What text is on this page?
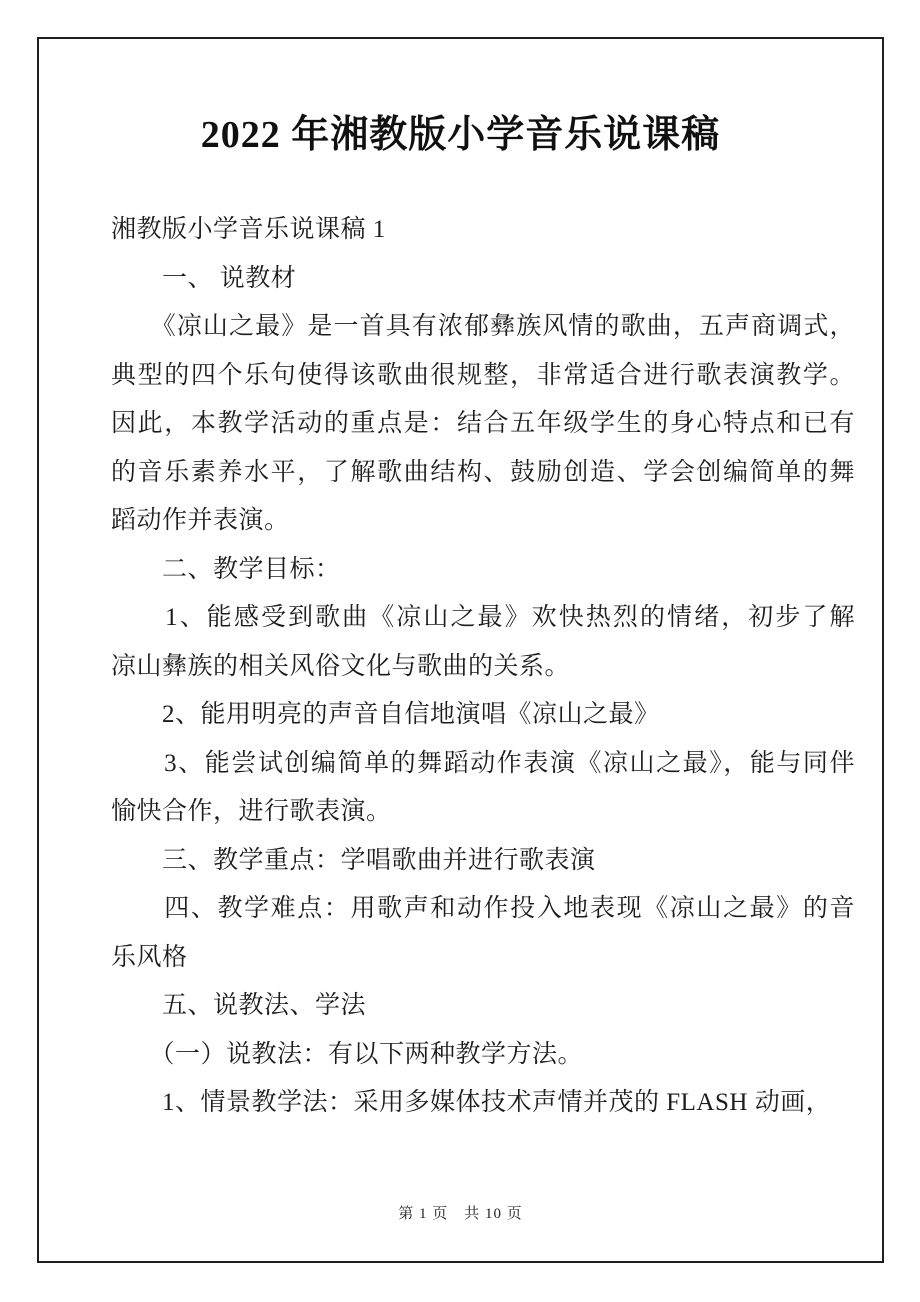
2022 年湘教版小学音乐说课稿
湘教版小学音乐说课稿 1
　　一、 说教材
　　《凉山之最》是一首具有浓郁彝族风情的歌曲，五声商调式，
典型的四个乐句使得该歌曲很规整，非常适合进行歌表演教学。
因此，本教学活动的重点是：结合五年级学生的身心特点和已有
的音乐素养水平，了解歌曲结构、鼓励创造、学会创编简单的舞
蹈动作并表演。
　　二、教学目标：
　　1、能感受到歌曲《凉山之最》欢快热烈的情绪，初步了解
凉山彝族的相关风俗文化与歌曲的关系。
　　2、能用明亮的声音自信地演唱《凉山之最》
　　3、能尝试创编简单的舞蹈动作表演《凉山之最》，能与同伴
愉快合作，进行歌表演。
　　三、教学重点：学唱歌曲并进行歌表演
　　四、教学难点：用歌声和动作投入地表现《凉山之最》的音
乐风格
　　五、说教法、学法
　　（一）说教法：有以下两种教学方法。
　　1、情景教学法：采用多媒体技术声情并茂的 FLASH 动画，
第 1 页　共 10 页
